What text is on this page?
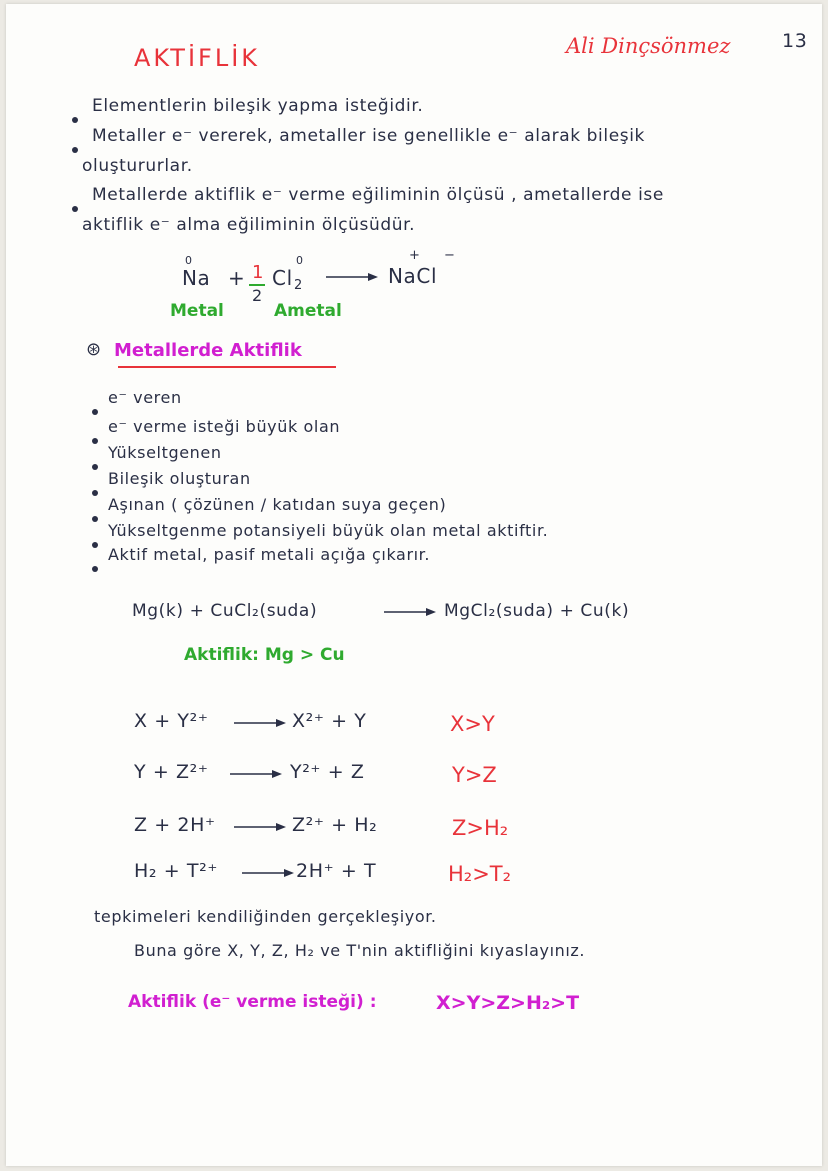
AKTİFLİK	Ali Dinçsönmez	13
Elementlerin bileşik yapma isteğidir.
Metaller e⁻ vererek, ametaller ise genellikle e⁻ alarak bileşik
oluştururlar.
Metallerde aktiflik e⁻ verme eğiliminin ölçüsü , ametallerde ise
aktiflik e⁻ alma eğiliminin ölçüsüdür.
0
Na + 1
2
Cl 2
0	+ −
NaCl
Metal	Ametal
⊛ Metallerde Aktiflik
e⁻ veren
e⁻ verme isteği büyük olan
Yükseltgenen
Bileşik oluşturan
Aşınan ( çözünen / katıdan suya geçen)
Yükseltgenme potansiyeli büyük olan metal aktiftir.
Aktif metal, pasif metali açığa çıkarır.
Mg(k) + CuCl₂(suda)	→ MgCl₂(suda) + Cu(k)
Aktiflik: Mg > Cu
X + Y²⁺ → X²⁺ + Y	X>Y
Y + Z²⁺ → Y²⁺ + Z	Y>Z
Z + 2H⁺ → Z²⁺ + H₂	Z>H₂
H₂ + T²⁺ → 2H⁺ + T	H₂>T₂
tepkimeleri kendiliğinden gerçekleşiyor.
Buna göre X, Y, Z, H₂ ve T'nin aktifliğini kıyaslayınız.
Aktiflik (e⁻ verme isteği) :	X>Y>Z>H₂>T
